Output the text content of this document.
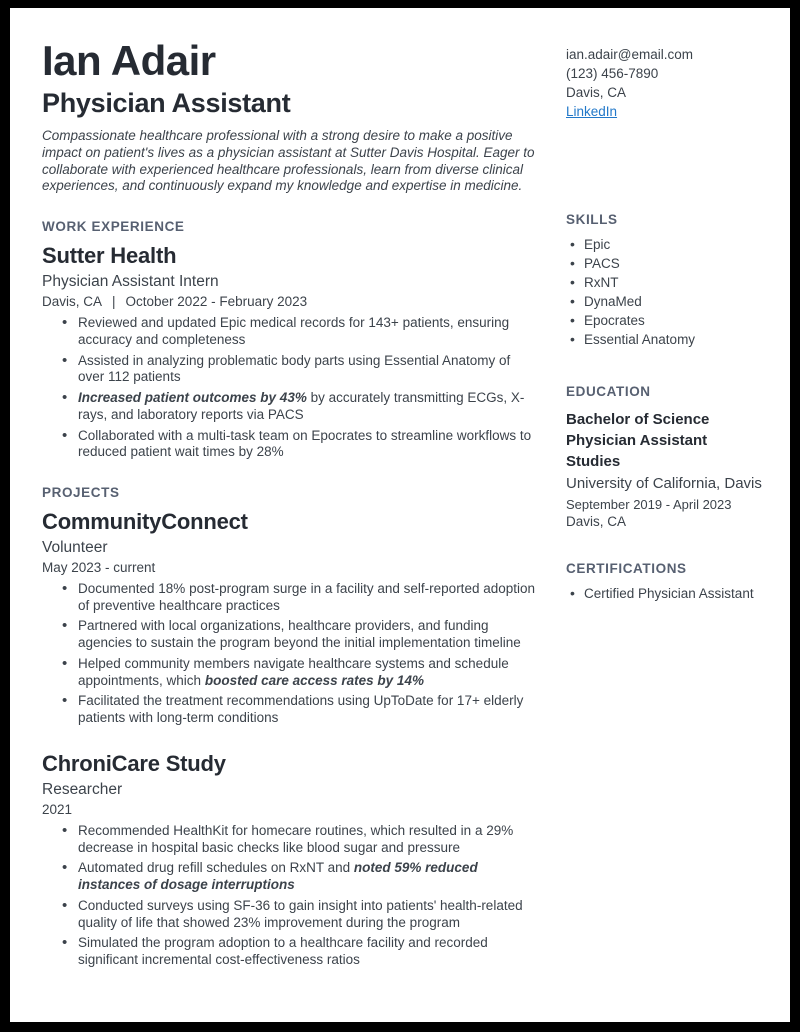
Ian Adair
Physician Assistant

Compassionate healthcare professional with a strong desire to make a positive impact on patient's lives as a physician assistant at Sutter Davis Hospital. Eager to collaborate with experienced healthcare professionals, learn from diverse clinical experiences, and continuously expand my knowledge and expertise in medicine.

WORK EXPERIENCE
Sutter Health
Physician Assistant Intern
Davis, CA | October 2022 - February 2023
• Reviewed and updated Epic medical records for 143+ patients, ensuring accuracy and completeness
• Assisted in analyzing problematic body parts using Essential Anatomy of over 112 patients
• Increased patient outcomes by 43% by accurately transmitting ECGs, X-rays, and laboratory reports via PACS
• Collaborated with a multi-task team on Epocrates to streamline workflows to reduced patient wait times by 28%
PROJECTS
CommunityConnect
Volunteer
May 2023 - current
• Documented 18% post-program surge in a facility and self-reported adoption of preventive healthcare practices
• Partnered with local organizations, healthcare providers, and funding agencies to sustain the program beyond the initial implementation timeline
• Helped community members navigate healthcare systems and schedule appointments, which boosted care access rates by 14%
• Facilitated the treatment recommendations using UpToDate for 17+ elderly patients with long-term conditions
ChroniCare Study
Researcher
2021
• Recommended HealthKit for homecare routines, which resulted in a 29% decrease in hospital basic checks like blood sugar and pressure
• Automated drug refill schedules on RxNT and noted 59% reduced instances of dosage interruptions
• Conducted surveys using SF-36 to gain insight into patients' health-related quality of life that showed 23% improvement during the program
• Simulated the program adoption to a healthcare facility and recorded significant incremental cost-effectiveness ratios
ian.adair@email.com
(123) 456-7890
Davis, CA
LinkedIn
SKILLS
• Epic
• PACS
• RxNT
• DynaMed
• Epocrates
• Essential Anatomy
EDUCATION
Bachelor of Science
Physician Assistant Studies
University of California, Davis
September 2019 - April 2023
Davis, CA
CERTIFICATIONS
• Certified Physician Assistant
